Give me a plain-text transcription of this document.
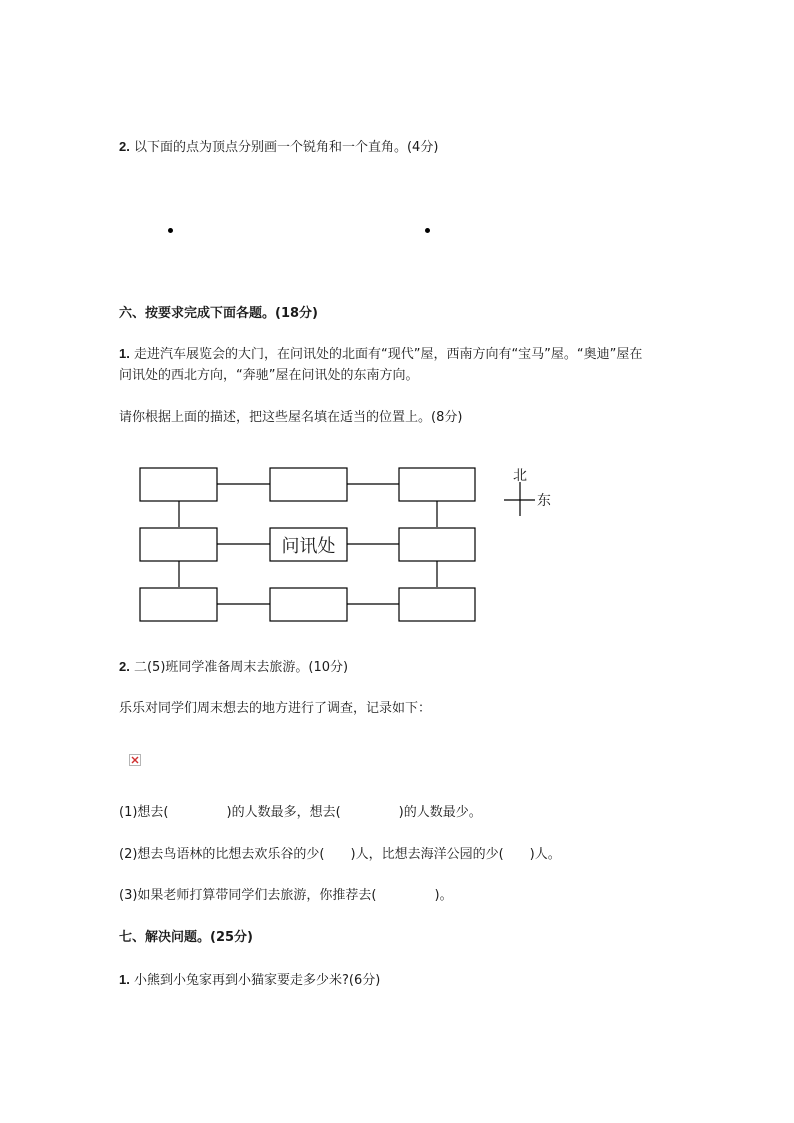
2. 以下面的点为顶点分别画一个锐角和一个直角。(4分)
六、按要求完成下面各题。(18分)
1. 走进汽车展览会的大门，在问讯处的北面有“现代”屋，西南方向有“宝马”屋。“奥迪”屋在
问讯处的西北方向，“奔驰”屋在问讯处的东南方向。
请你根据上面的描述，把这些屋名填在适当的位置上。(8分)
问讯处
北
东
2. 二(5)班同学准备周末去旅游。(10分)
乐乐对同学们周末想去的地方进行了调查，记录如下：
(1)想去(	)的人数最多，想去(	)的人数最少。
(2)想去鸟语林的比想去欢乐谷的少( )人，比想去海洋公园的少( )人。
(3)如果老师打算带同学们去旅游，你推荐去(	)。
七、解决问题。(25分)
1. 小熊到小兔家再到小猫家要走多少米?(6分)
